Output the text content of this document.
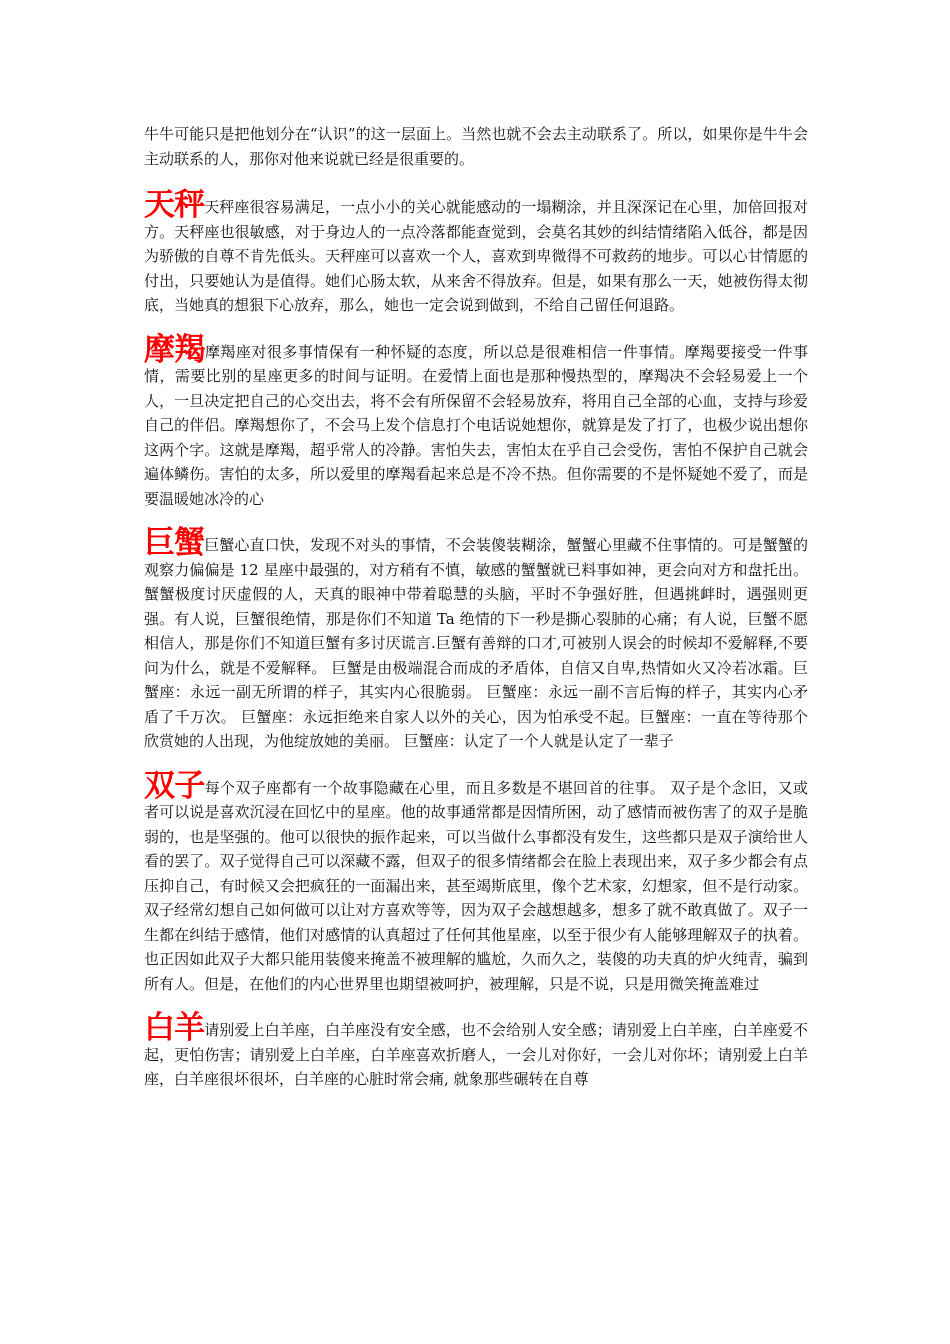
牛牛可能只是把他划分在“认识”的这一层面上。当然也就不会去主动联系了。所以，如果你是牛牛会主动联系的人，那你对他来说就已经是很重要的。

天秤天秤座很容易满足，一点小小的关心就能感动的一塌糊涂，并且深深记在心里，加倍回报对方。天秤座也很敏感，对于身边人的一点冷落都能查觉到，会莫名其妙的纠结情绪陷入低谷，都是因为骄傲的自尊不肯先低头。天秤座可以喜欢一个人，喜欢到卑微得不可救药的地步。可以心甘情愿的付出，只要她认为是值得。她们心肠太软，从来舍不得放弃。但是，如果有那么一天，她被伤得太彻底，当她真的想狠下心放弃，那么，她也一定会说到做到，不给自己留任何退路。

摩羯摩羯座对很多事情保有一种怀疑的态度，所以总是很难相信一件事情。摩羯要接受一件事情，需要比别的星座更多的时间与证明。在爱情上面也是那种慢热型的，摩羯决不会轻易爱上一个人，一旦决定把自己的心交出去，将不会有所保留不会轻易放弃，将用自己全部的心血，支持与珍爱自己的伴侣。摩羯想你了，不会马上发个信息打个电话说她想你，就算是发了打了，也极少说出想你这两个字。这就是摩羯，超乎常人的冷静。害怕失去，害怕太在乎自己会受伤，害怕不保护自己就会遍体鳞伤。害怕的太多，所以爱里的摩羯看起来总是不冷不热。但你需要的不是怀疑她不爱了，而是要温暖她冰冷的心

巨蟹巨蟹心直口快，发现不对头的事情，不会装傻装糊涂，蟹蟹心里藏不住事情的。可是蟹蟹的观察力偏偏是 12 星座中最强的，对方稍有不慎，敏感的蟹蟹就已料事如神，更会向对方和盘托出。蟹蟹极度讨厌虚假的人，天真的眼神中带着聪慧的头脑，平时不争强好胜，但遇挑衅时，遇强则更强。有人说，巨蟹很绝情，那是你们不知道 Ta 绝情的下一秒是撕心裂肺的心痛；有人说，巨蟹不愿相信人，那是你们不知道巨蟹有多讨厌谎言.巨蟹有善辩的口才,可被别人误会的时候却不爱解释,不要问为什么，就是不爱解释。 巨蟹是由极端混合而成的矛盾体，自信又自卑,热情如火又冷若冰霜。巨蟹座：永远一副无所谓的样子，其实内心很脆弱。 巨蟹座：永远一副不言后悔的样子，其实内心矛盾了千万次。 巨蟹座：永远拒绝来自家人以外的关心，因为怕承受不起。巨蟹座：一直在等待那个欣赏她的人出现，为他绽放她的美丽。 巨蟹座：认定了一个人就是认定了一辈子

双子每个双子座都有一个故事隐藏在心里，而且多数是不堪回首的往事。 双子是个念旧，又或者可以说是喜欢沉浸在回忆中的星座。他的故事通常都是因情所困，动了感情而被伤害了的双子是脆弱的，也是坚强的。他可以很快的振作起来，可以当做什么事都没有发生，这些都只是双子演给世人看的罢了。双子觉得自己可以深藏不露，但双子的很多情绪都会在脸上表现出来，双子多少都会有点压抑自己，有时候又会把疯狂的一面漏出来，甚至竭斯底里，像个艺术家，幻想家，但不是行动家。双子经常幻想自己如何做可以让对方喜欢等等，因为双子会越想越多，想多了就不敢真做了。双子一生都在纠结于感情，他们对感情的认真超过了任何其他星座，以至于很少有人能够理解双子的执着。也正因如此双子大都只能用装傻来掩盖不被理解的尴尬，久而久之，装傻的功夫真的炉火纯青，骗到所有人。但是，在他们的内心世界里也期望被呵护，被理解，只是不说，只是用微笑掩盖难过

白羊请别爱上白羊座，白羊座没有安全感，也不会给别人安全感；请别爱上白羊座，白羊座爱不起，更怕伤害；请别爱上白羊座，白羊座喜欢折磨人，一会儿对你好，一会儿对你坏；请别爱上白羊座，白羊座很坏很坏，白羊座的心脏时常会痛, 就象那些碾转在自尊
